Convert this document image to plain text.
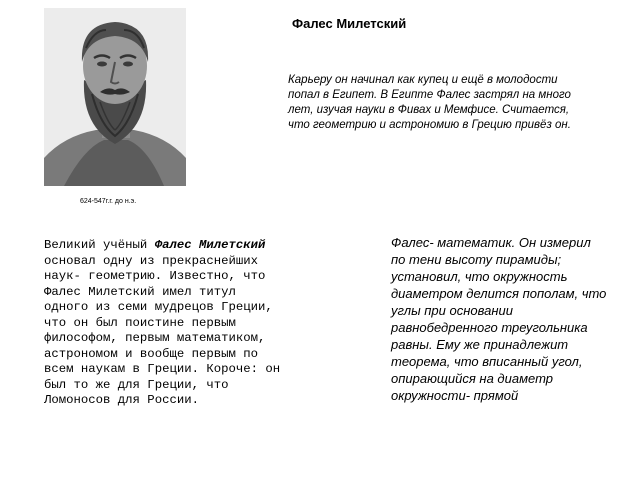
624-547г.г. до н.э.
Фалес Милетский
Карьеру он начинал как купец и ещё в молодости попал в Египет. В Египте Фалес застрял на много лет, изучая науки в Фивах и Мемфисе. Считается, что геометрию и астрономию в Грецию привёз он.

Великий учёный Фалес Милетский основал одну из прекраснейших наук- геометрию. Известно, что Фалес Милетский имел титул одного из семи мудрецов Греции, что он был поистине первым философом, первым математиком, астрономом и вообще первым по всем наукам в Греции. Короче: он был то же для Греции, что Ломоносов для России.

Фалес- математик. Он измерил по тени высоту пирамиды; установил, что окружность диаметром делится пополам, что углы при основании равнобедренного треугольника равны. Ему же принадлежит теорема, что вписанный угол, опирающийся на диаметр окружности- прямой
